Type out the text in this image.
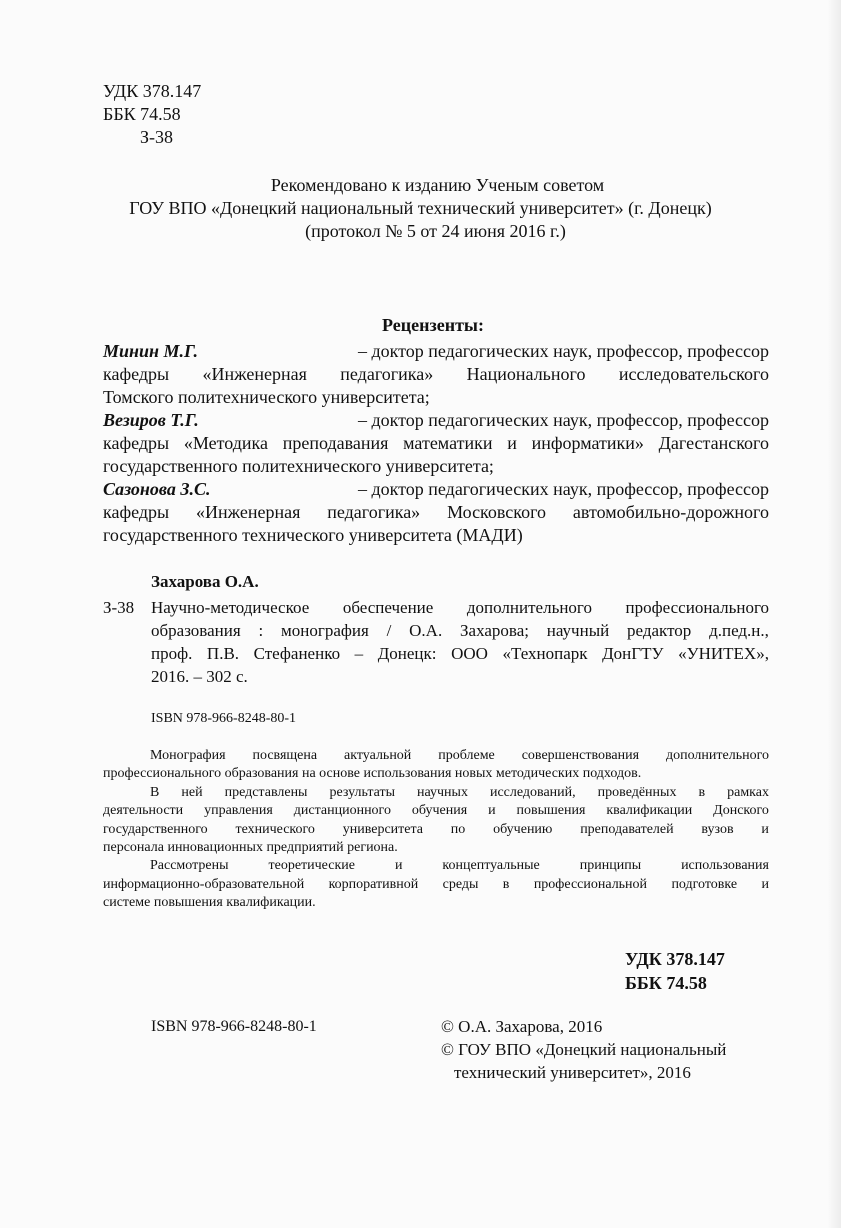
УДК 378.147
ББК 74.58
З-38
Рекомендовано к изданию Ученым советом
ГОУ ВПО «Донецкий национальный технический университет» (г. Донецк)
(протокол № 5 от 24 июня 2016 г.)
Рецензенты:
Минин М.Г.	– доктор педагогических наук, профессор, профессор
кафедры «Инженерная педагогика» Национального исследовательского
Томского политехнического университета;
Везиров Т.Г.	– доктор педагогических наук, профессор, профессор
кафедры «Методика преподавания математики и информатики» Дагестанского
государственного политехнического университета;
Сазонова З.С.	– доктор педагогических наук, профессор, профессор
кафедры «Инженерная педагогика» Московского автомобильно-дорожного
государственного технического университета (МАДИ)
Захарова О.А.
З-38 Научно-методическое обеспечение дополнительного профессионального
образования : монография / О.А. Захарова; научный редактор д.пед.н.,
проф. П.В. Стефаненко – Донецк: ООО «Технопарк ДонГТУ «УНИТЕХ»,
2016. – 302 с.
ISBN 978-966-8248-80-1
Монография посвящена актуальной проблеме совершенствования дополнительного
профессионального образования на основе использования новых методических подходов.
В ней представлены результаты научных исследований, проведённых в рамках
деятельности управления дистанционного обучения и повышения квалификации Донского
государственного технического университета по обучению преподавателей вузов и
персонала инновационных предприятий региона.
Рассмотрены	теоретические	и	концептуальные	принципы	использования
информационно-образовательной корпоративной среды в профессиональной подготовке и
системе повышения квалификации.
УДК 378.147
ББК 74.58
ISBN 978-966-8248-80-1	© О.А. Захарова, 2016
© ГОУ ВПО «Донецкий национальный
технический университет», 2016
